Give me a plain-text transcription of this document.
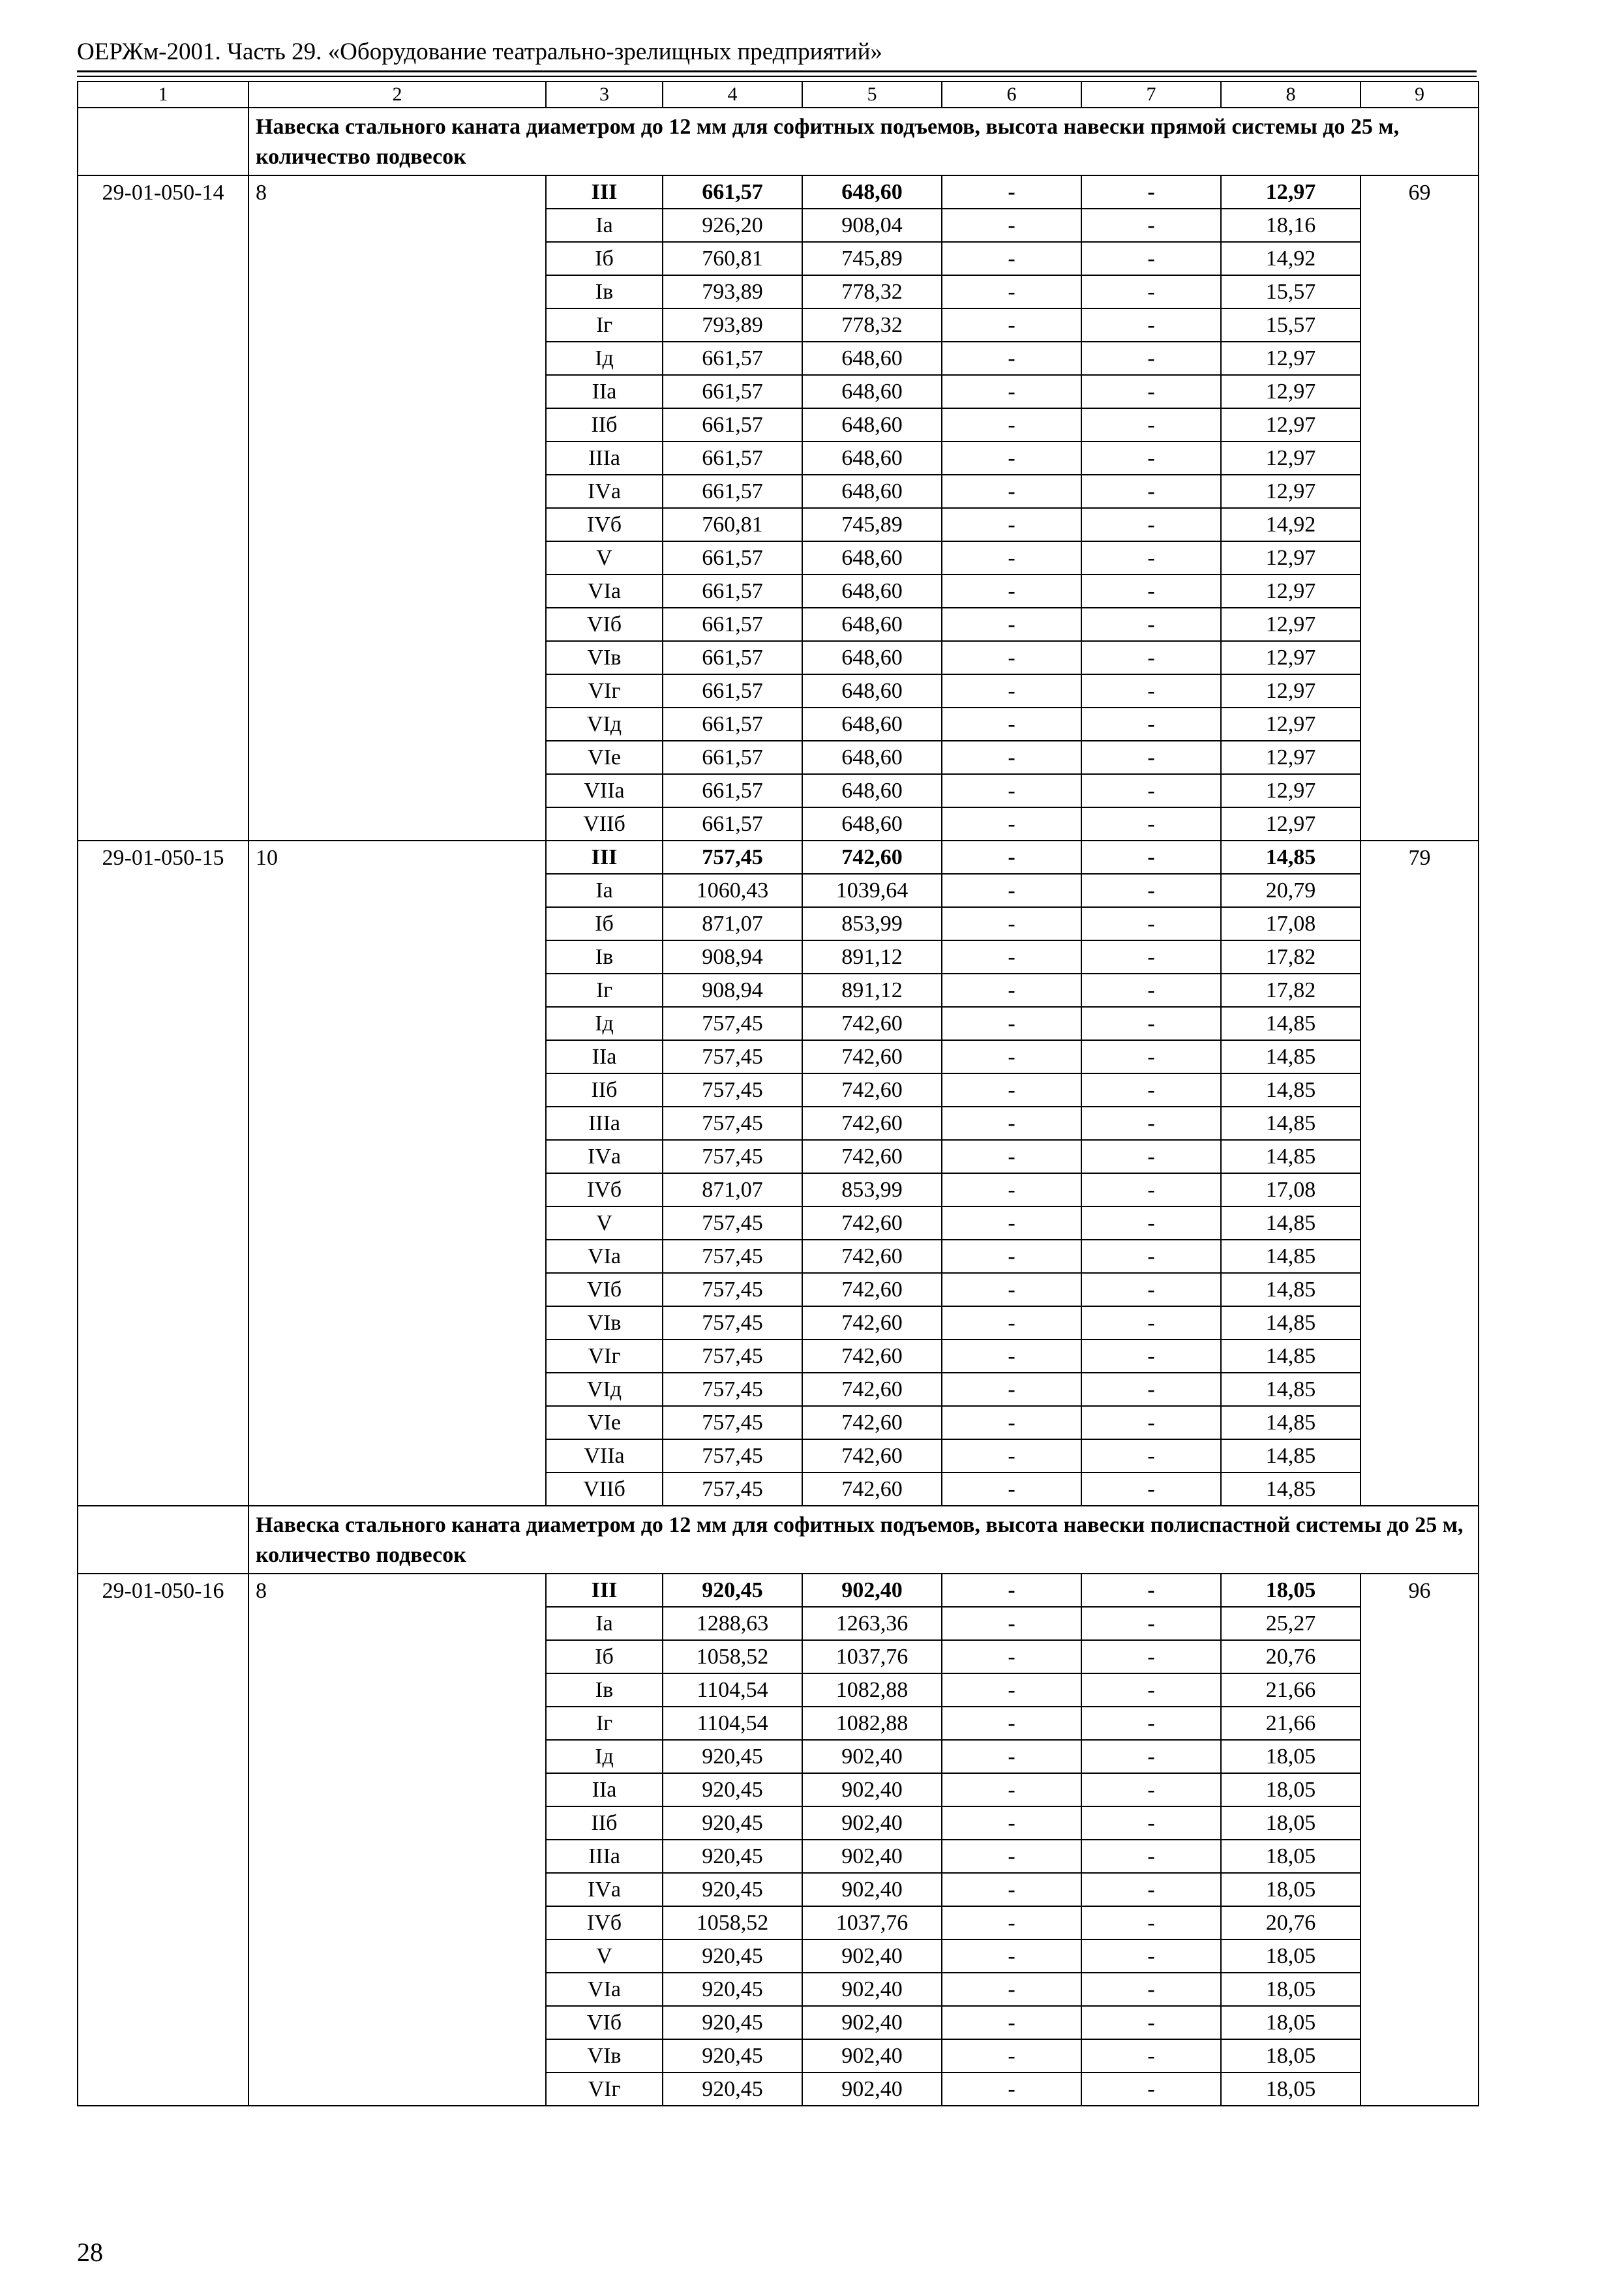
ОЕРЖм-2001. Часть 29. «Оборудование театрально-зрелищных предприятий»
1	2	3	4	5	6	7	8	9
	Навеска стального каната диаметром до 12 мм для софитных подъемов, высота навески прямой системы до 25 м, количество подвесок							
29-01-050-14	8	III	661,57	648,60	-	-	12,97	69
		Iа	926,20	908,04	-	-	18,16	
		Iб	760,81	745,89	-	-	14,92	
		Iв	793,89	778,32	-	-	15,57	
		Iг	793,89	778,32	-	-	15,57	
		Iд	661,57	648,60	-	-	12,97	
		IIа	661,57	648,60	-	-	12,97	
		IIб	661,57	648,60	-	-	12,97	
		IIIа	661,57	648,60	-	-	12,97	
		IVа	661,57	648,60	-	-	12,97	
		IVб	760,81	745,89	-	-	14,92	
		V	661,57	648,60	-	-	12,97	
		VIа	661,57	648,60	-	-	12,97	
		VIб	661,57	648,60	-	-	12,97	
		VIв	661,57	648,60	-	-	12,97	
		VIг	661,57	648,60	-	-	12,97	
		VIд	661,57	648,60	-	-	12,97	
		VIе	661,57	648,60	-	-	12,97	
		VIIа	661,57	648,60	-	-	12,97	
		VIIб	661,57	648,60	-	-	12,97	
29-01-050-15	10	III	757,45	742,60	-	-	14,85	79
		Iа	1060,43	1039,64	-	-	20,79	
		Iб	871,07	853,99	-	-	17,08	
		Iв	908,94	891,12	-	-	17,82	
		Iг	908,94	891,12	-	-	17,82	
		Iд	757,45	742,60	-	-	14,85	
		IIа	757,45	742,60	-	-	14,85	
		IIб	757,45	742,60	-	-	14,85	
		IIIа	757,45	742,60	-	-	14,85	
		IVа	757,45	742,60	-	-	14,85	
		IVб	871,07	853,99	-	-	17,08	
		V	757,45	742,60	-	-	14,85	
		VIа	757,45	742,60	-	-	14,85	
		VIб	757,45	742,60	-	-	14,85	
		VIв	757,45	742,60	-	-	14,85	
		VIг	757,45	742,60	-	-	14,85	
		VIд	757,45	742,60	-	-	14,85	
		VIе	757,45	742,60	-	-	14,85	
		VIIа	757,45	742,60	-	-	14,85	
		VIIб	757,45	742,60	-	-	14,85	
	Навеска стального каната диаметром до 12 мм для софитных подъемов, высота навески полиспастной системы до 25 м, количество подвесок							
29-01-050-16	8	III	920,45	902,40	-	-	18,05	96
		Iа	1288,63	1263,36	-	-	25,27	
		Iб	1058,52	1037,76	-	-	20,76	
		Iв	1104,54	1082,88	-	-	21,66	
		Iг	1104,54	1082,88	-	-	21,66	
		Iд	920,45	902,40	-	-	18,05	
		IIа	920,45	902,40	-	-	18,05	
		IIб	920,45	902,40	-	-	18,05	
		IIIа	920,45	902,40	-	-	18,05	
		IVа	920,45	902,40	-	-	18,05	
		IVб	1058,52	1037,76	-	-	20,76	
		V	920,45	902,40	-	-	18,05	
		VIа	920,45	902,40	-	-	18,05	
		VIб	920,45	902,40	-	-	18,05	
		VIв	920,45	902,40	-	-	18,05	
		VIг	920,45	902,40	-	-	18,05	
28
